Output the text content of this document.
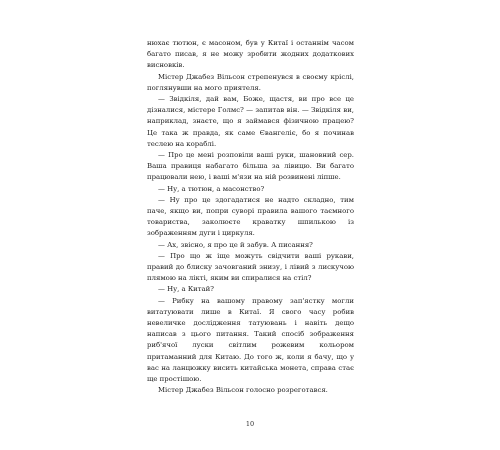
нюхає тютюн, є масоном, був у Китаї і останнім часом багато писав, я не можу зробити жодних додаткових висновків.

Містер Джабез Вільсон стрепенувся в своєму кріслі, поглянувши на мого приятеля.

— Звідкіля, дай вам, Боже, щастя, ви про все це дізналися, містере Голмс? — запитав він. — Звідкіля ви, наприклад, знаєте, що я займався фізичною працею? Це така ж правда, як саме Євангеліє, бо я починав теслею на кораблі.

— Про це мені розповіли ваші руки, шановний сер. Ваша правиця набагато більша за лівицю. Ви багато працювали нею, і ваші м'язи на ній розвинені ліпше.

— Ну, а тютюн, а масонство?

— Ну про це здогадатися не надто складно, тим паче, якщо ви, попри суворі правила вашого таємного товариства, заколюєте краватку шпилькою із зображенням дуги і циркуля.

— Ах, звісно, я про це й забув. А писання?

— Про що ж іще можуть свідчити ваші рукави, правий до блиску зачовганий знизу, і лівий з лискучою плямою на лікті, яким ви спиралися на стіл?

— Ну, а Китай?

— Рибку на вашому правому зап'ястку могли витатуювати лише в Китаї. Я свого часу робив невеличке дослідження татуювань і навіть дещо написав з цього питання. Такий спосіб зображення риб'ячої луски світлим рожевим кольором притаманний для Китаю. До того ж, коли я бачу, що у вас на ланцюжку висить китайська монета, справа стає ще простішою.

Містер Джабез Вільсон голосно розреготався.

10
